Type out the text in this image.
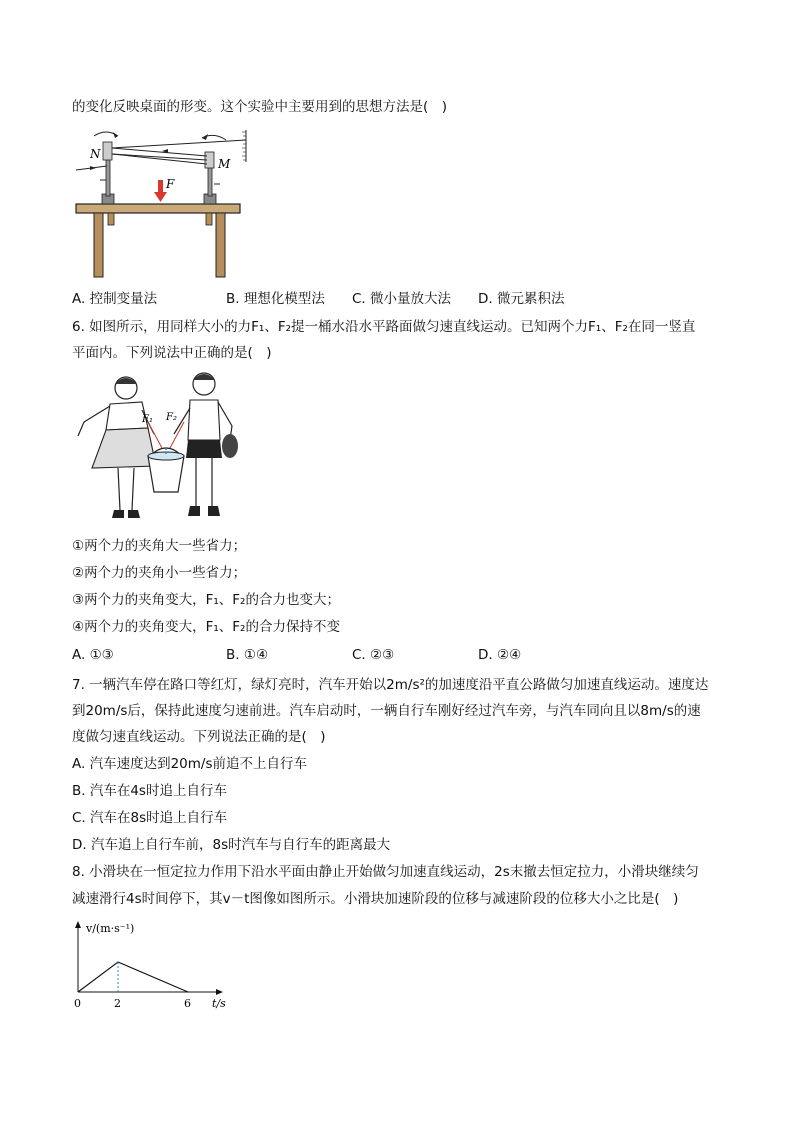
的变化反映桌面的形变。这个实验中主要用到的思想方法是(　)
N
M
F
A. 控制变量法	B. 理想化模型法 C. 微小量放大法 D. 微元累积法
6. 如图所示，用同样大小的力F₁、F₂提一桶水沿水平路面做匀速直线运动。已知两个力F₁、F₂在同一竖直
平面内。下列说法中正确的是(　)
F₁ F₂
①两个力的夹角大一些省力；
②两个力的夹角小一些省力；
③两个力的夹角变大，F₁、F₂的合力也变大；
④两个力的夹角变大，F₁、F₂的合力保持不变
A. ①③	B. ①④	C. ②③	D. ②④
7. 一辆汽车停在路口等红灯，绿灯亮时，汽车开始以2m/s²的加速度沿平直公路做匀加速直线运动。速度达
到20m/s后，保持此速度匀速前进。汽车启动时，一辆自行车刚好经过汽车旁，与汽车同向且以8m/s的速
度做匀速直线运动。下列说法正确的是(　)
A. 汽车速度达到20m/s前追不上自行车
B. 汽车在4s时追上自行车
C. 汽车在8s时追上自行车
D. 汽车追上自行车前，8s时汽车与自行车的距离最大
8. 小滑块在一恒定拉力作用下沿水平面由静止开始做匀加速直线运动，2s末撤去恒定拉力，小滑块继续匀
减速滑行4s时间停下，其v－t图像如图所示。小滑块加速阶段的位移与减速阶段的位移大小之比是(　)
v/(m·s⁻¹)
t/s
0	2	6
